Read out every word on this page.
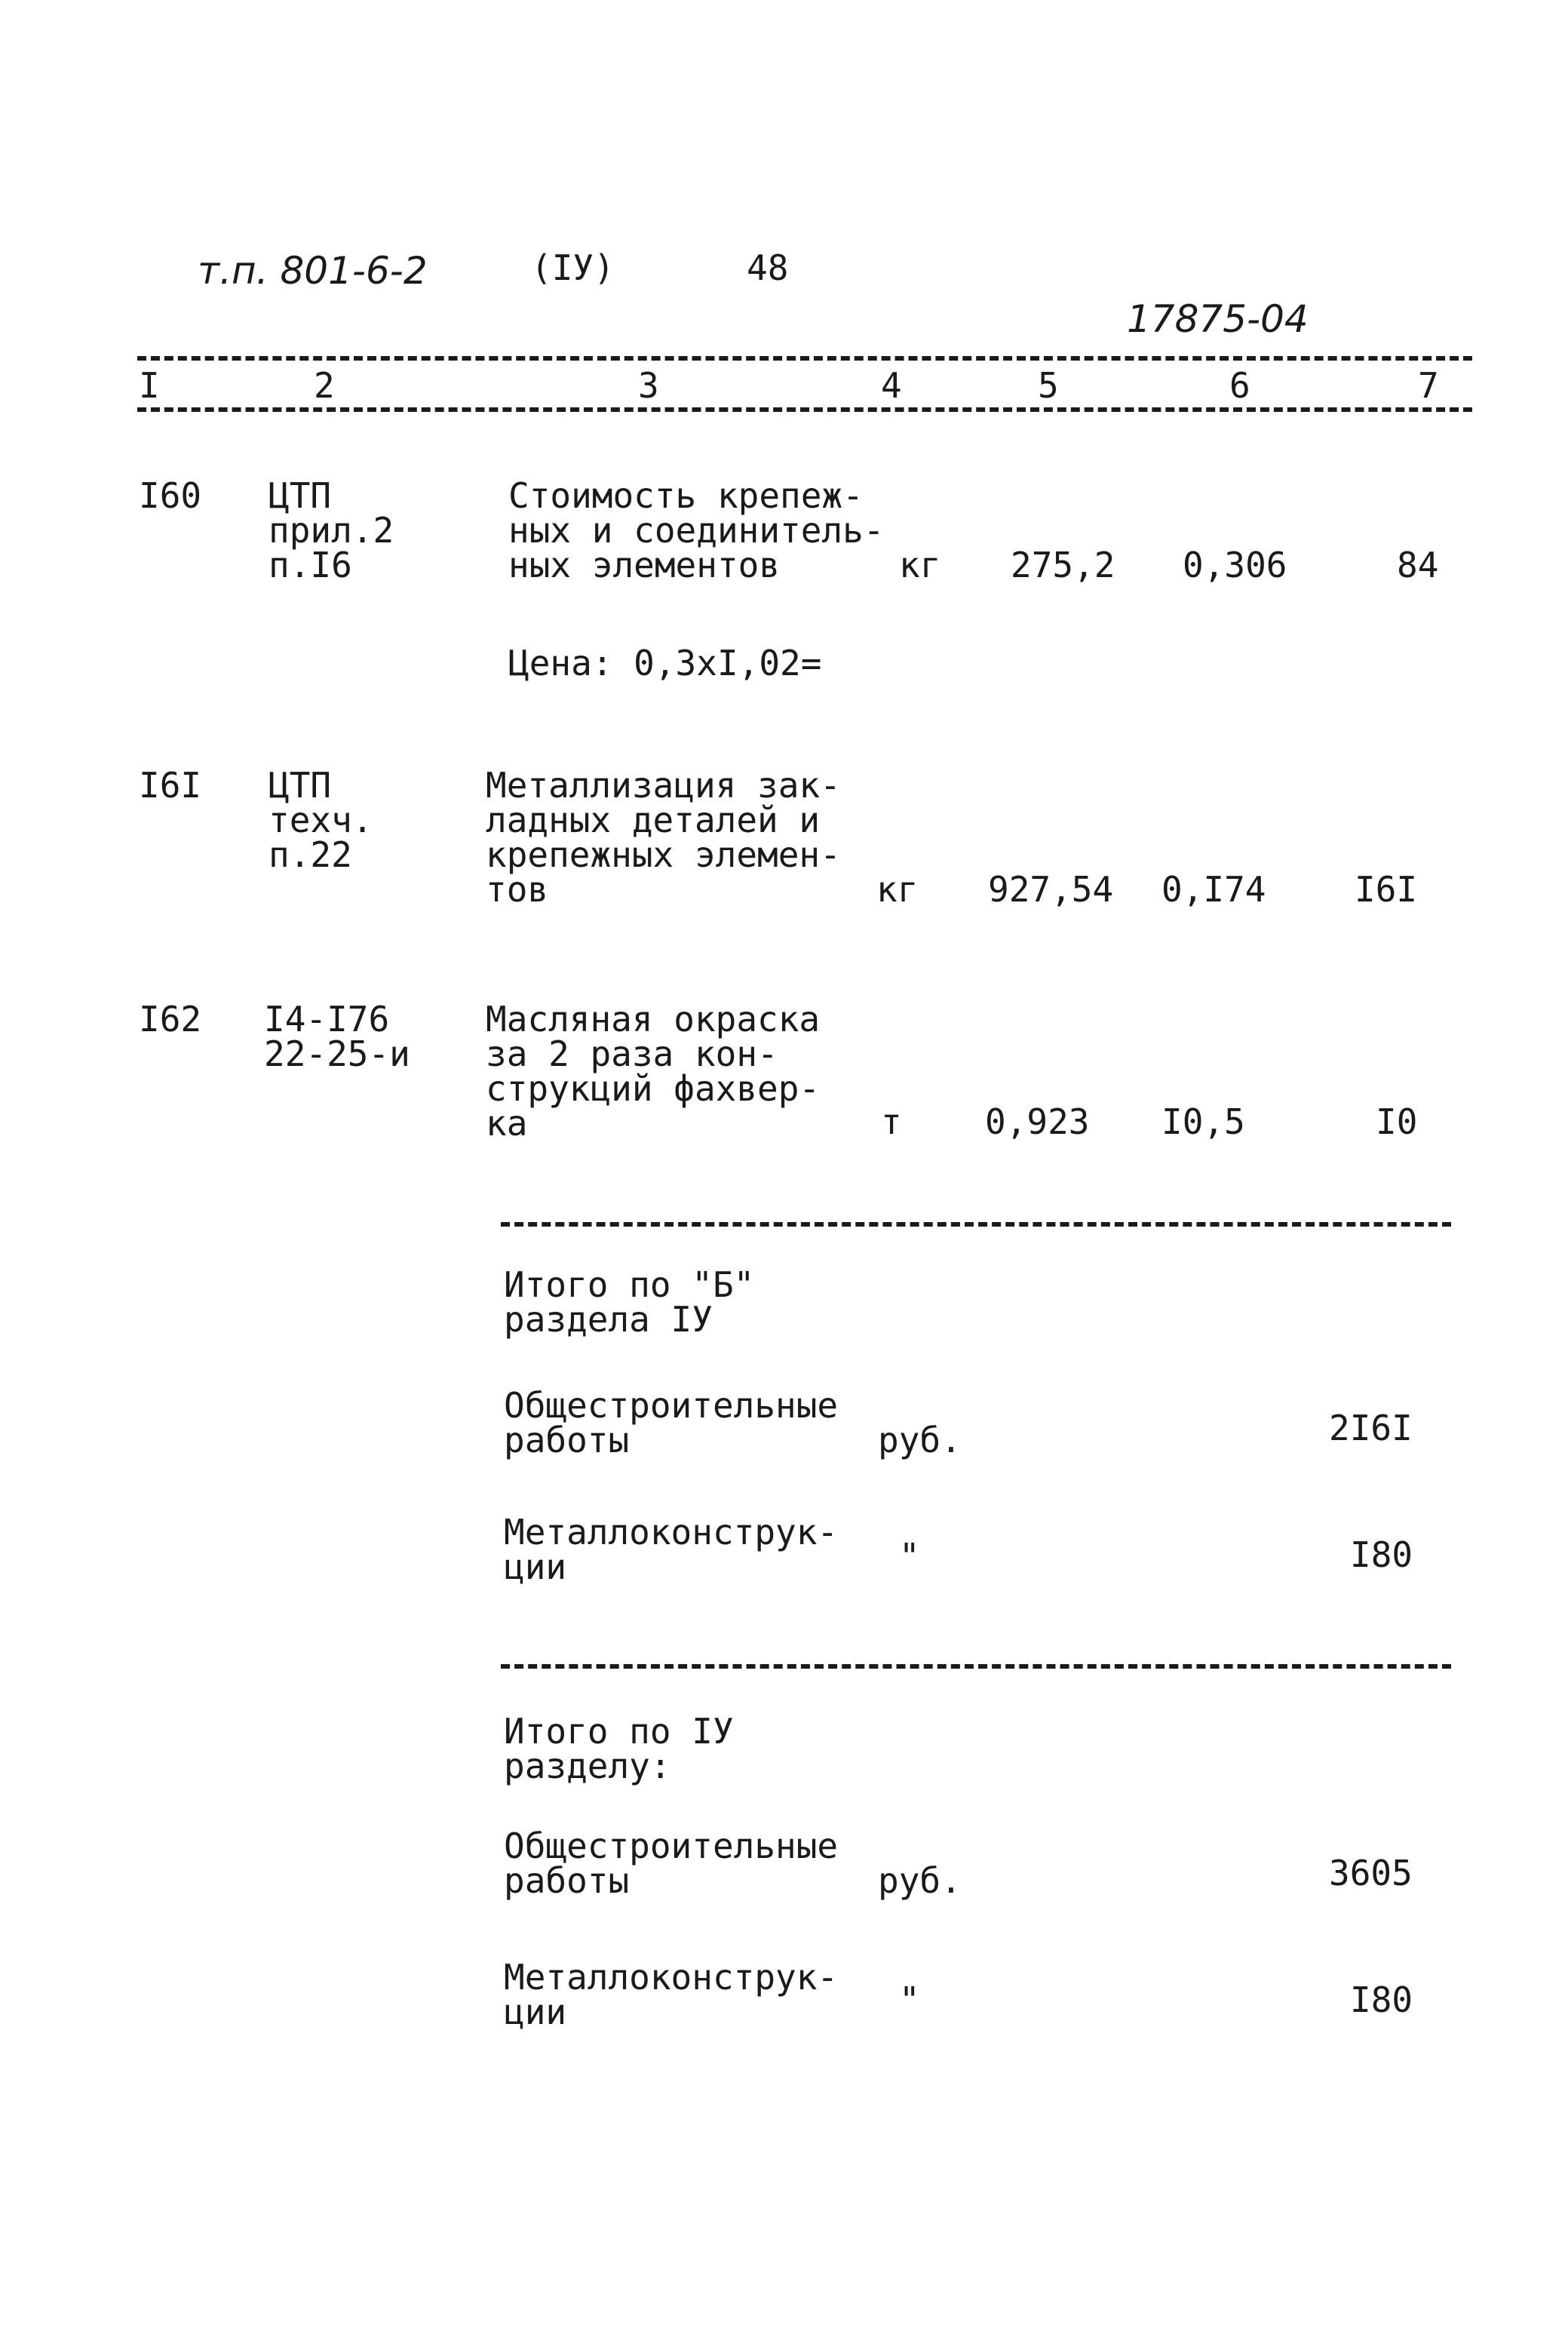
т.п. 801-6-2	(IУ)	48
17875-04
I	2	3	4	5	6	7
I60 ЦТП
прил.2
п.I6
Стоимость крепеж-
ных и соединитель-
ных элементов	кг 275,2 0,306	84
Цена: 0,3xI,02=
I6I ЦТП
техч.
п.22
Металлизация зак-
ладных деталей и
крепежных элемен-
тов	кг 927,54 0,I74	I6I
I62 I4-I76
22-25-и
Масляная окраска
за 2 раза кон-
струкций фахвер-
ка	т 0,923 I0,5	I0
Итого по "Б"
раздела IУ
Общестроительные
работы	руб.	2I6I
Металлоконструк-
ции	"	I80
Итого по IУ
разделу:
Общестроительные
работы	руб.	3605
Металлоконструк-
ции	"	I80
